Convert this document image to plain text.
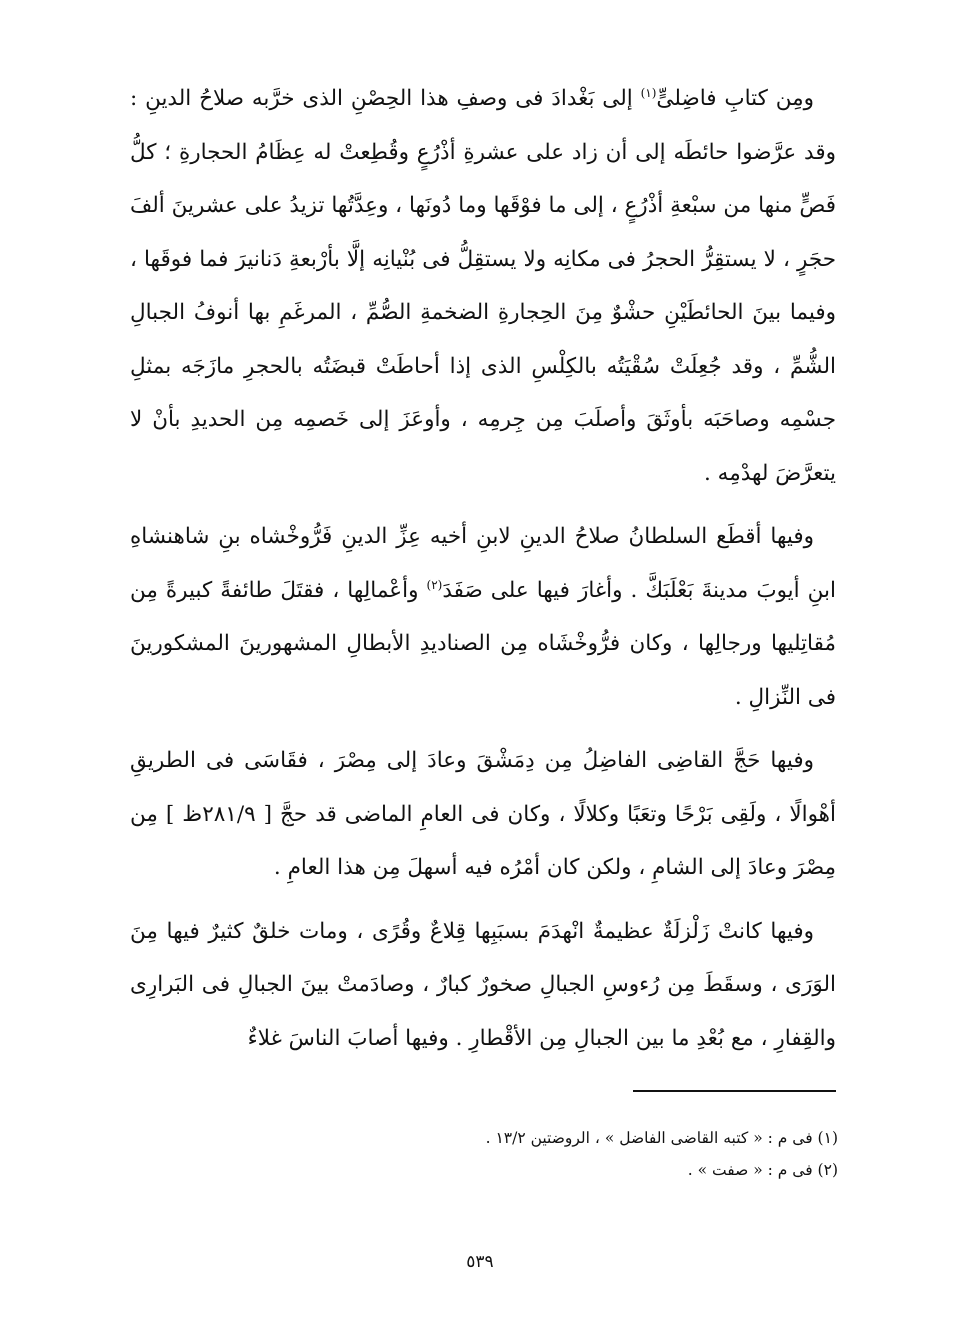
ومِن كتابِ فاضِلىٍّ$^{(١)}$ إلى بَغْدادَ فى وصفِ هذا الحِصْنِ الذى خرَّبه صلاحُ الدينِ : وقد عرَّضوا حائطَه إلى أن زاد على عشرةِ أذْرُعٍ وقُطِعتْ له عِظَامُ الحجارةِ ؛ كلُّ فَصٍّ منها من سبْعةِ أذْرُعٍ ، إلى ما فوْقَها وما دُونَها ، وعِدَّتُها تزيدُ على عشرينَ ألفَ حجَرٍ ، لا يستقِرُّ الحجرُ فى مكانِه ولا يستقِلُّ فى بُنْيانِه إلَّا بأرْبعةِ دَنانيرَ فما فوقَها ، وفيما بينَ الحائطَيْنِ حشْوٌ مِنَ الحِجارةِ الضخمةِ الصُّمِّ ، المرغَمِ بها أنوفُ الجبالِ الشُّمِّ ، وقد جُعِلَتْ سُقْيَتُه بالكِلْسِ الذى إذا أحاطَتْ قبضَتُه بالحجرِ مازَجَه بمثلِ جسْمِه وصاحَبَه بأوثَقَ وأصلَبَ مِن جِرمِه ، وأوعَزَ إلى خَصمِه مِن الحديدِ بأنْ لا يتعرَّضَ لهدْمِه .

وفيها أقطَع السلطانُ صلاحُ الدينِ لابنِ أخيه عِزِّ الدينِ فَرُّوخْشاه بنِ شاهنشاهِ ابنِ أيوبَ مدينةَ بَعْلَبَكَّ . وأغارَ فيها على صَفَدَ$^{(٢)}$ وأعْمالِها ، فقتَلَ طائفةً كبيرةً مِن مُقاتِليها ورجالِها ، وكان فرُّوخْشَاه مِن الصناديدِ الأبطالِ المشهورينَ المشكورينَ فى النِّزالِ .

وفيها حَجَّ القاضِى الفاضِلُ مِن دِمَشْقَ وعادَ إلى مِصْرَ ، فقَاسَى فى الطريقِ أهْوالًا ، ولَقِى بَرْحًا وتعَبًا وكلالًا ، وكان فى العامِ الماضى قد حجَّ [ ٢٨١/٩ظ ] مِن مِصْرَ وعادَ إلى الشامِ ، ولكن كان أمْرُه فيه أسهلَ مِن هذا العامِ .

وفيها كانتْ زَلْزلَةٌ عظيمةٌ انْهدَمَ بسبَبِها قِلاعٌ وقُرًى ، ومات خلقٌ كثيرٌ فيها مِنَ الوَرَى ، وسقَطَ مِن رُءوسِ الجبالِ صخورٌ كبارٌ ، وصادَمتْ بينَ الجبالِ فى البَرارِى والقِفارِ ، مع بُعْدِ ما بين الجبالِ مِن الأقْطارِ . وفيها أصابَ الناسَ غلاءٌ

(١) فى م : « كتبه القاضى الفاضل » ، الروضتين ١٣/٢ .

(٢) فى م : « صفت » .

٥٣٩
